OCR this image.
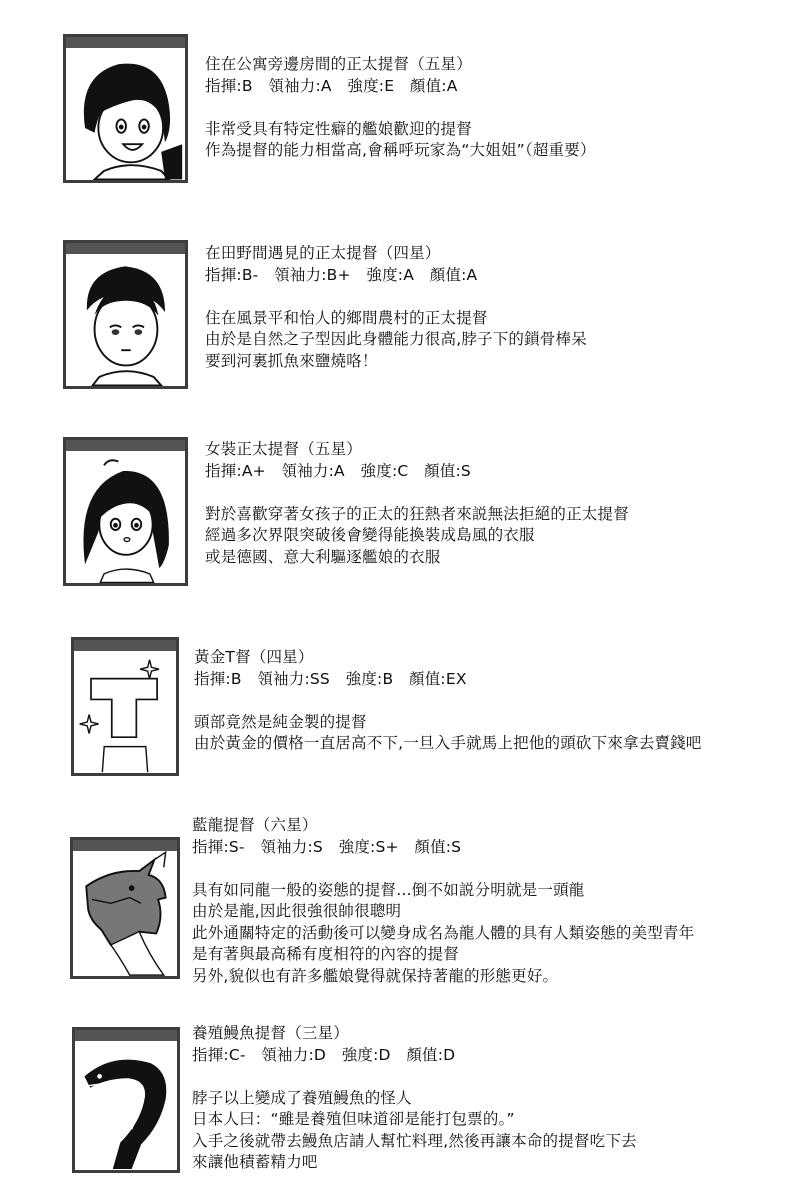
住在公寓旁邊房間的正太提督（五星）
指揮:B　領袖力:A　強度:E　顏值:A
非常受具有特定性癖的艦娘歡迎的提督
作為提督的能力相當高,會稱呼玩家為“大姐姐”（超重要）
在田野間遇見的正太提督（四星）
指揮:B-　領袖力:B+　強度:A　顏值:A
住在風景平和怡人的鄉間農村的正太提督
由於是自然之子型因此身體能力很高,脖子下的鎖骨棒呆
要到河裏抓魚來鹽燒咯！
女裝正太提督（五星）
指揮:A+　領袖力:A　強度:C　顏值:S
對於喜歡穿著女孩子的正太的狂熱者來説無法拒絕的正太提督
經過多次界限突破後會變得能換裝成島風的衣服
或是德國、意大利驅逐艦娘的衣服
黃金T督（四星）
指揮:B　領袖力:SS　強度:B　顏值:EX
頭部竟然是純金製的提督
由於黃金的價格一直居高不下,一旦入手就馬上把他的頭砍下來拿去賣錢吧
藍龍提督（六星）
指揮:S-　領袖力:S　強度:S+　顏值:S
具有如同龍一般的姿態的提督…倒不如説分明就是一頭龍
由於是龍,因此很強很帥很聰明
此外通關特定的活動後可以變身成名為龍人體的具有人類姿態的美型青年
是有著與最高稀有度相符的內容的提督
另外,貌似也有許多艦娘覺得就保持著龍的形態更好。
養殖鰻魚提督（三星）
指揮:C-　領袖力:D　強度:D　顏值:D
脖子以上變成了養殖鰻魚的怪人
日本人曰：“雖是養殖但味道卻是能打包票的。”
入手之後就帶去鰻魚店請人幫忙料理,然後再讓本命的提督吃下去
來讓他積蓄精力吧
